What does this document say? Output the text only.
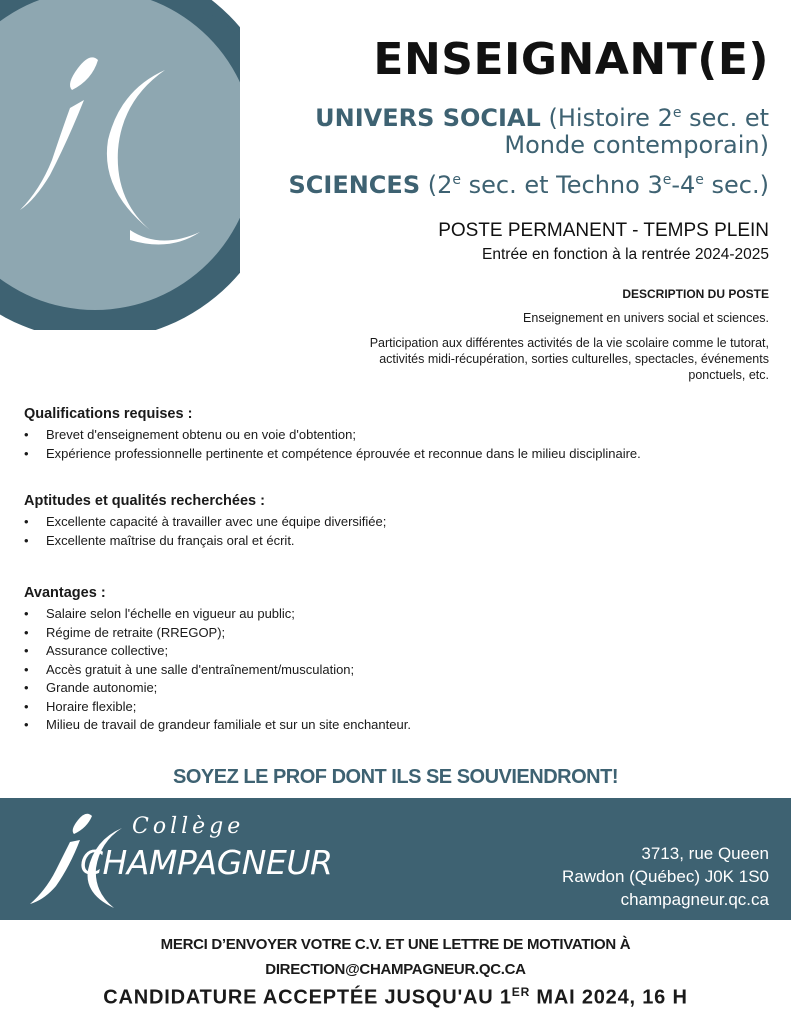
ENSEIGNANT(E)
UNIVERS SOCIAL (Histoire 2e sec. et
Monde contemporain)
SCIENCES (2e sec. et Techno 3e-4e sec.)
POSTE PERMANENT - TEMPS PLEIN
Entrée en fonction à la rentrée 2024-2025
DESCRIPTION DU POSTE
Enseignement en univers social et sciences.
Participation aux différentes activités de la vie scolaire comme le tutorat, activités midi-récupération, sorties culturelles, spectacles, événements ponctuels, etc.
Qualifications requises :
• Brevet d'enseignement obtenu ou en voie d'obtention;
• Expérience professionnelle pertinente et compétence éprouvée et reconnue dans le milieu disciplinaire.
Aptitudes et qualités recherchées :
• Excellente capacité à travailler avec une équipe diversifiée;
• Excellente maîtrise du français oral et écrit.
Avantages :
• Salaire selon l'échelle en vigueur au public;
• Régime de retraite (RREGOP);
• Assurance collective;
• Accès gratuit à une salle d'entraînement/musculation;
• Grande autonomie;
• Horaire flexible;
• Milieu de travail de grandeur familiale et sur un site enchanteur.
SOYEZ LE PROF DONT ILS SE SOUVIENDRONT!
Collège
CHAMPAGNEUR	3713, rue Queen
Rawdon (Québec) J0K 1S0
champagneur.qc.ca
MERCI D’ENVOYER VOTRE C.V. ET UNE LETTRE DE MOTIVATION À
DIRECTION@CHAMPAGNEUR.QC.CA
CANDIDATURE ACCEPTÉE JUSQU'AU 1ER MAI 2024, 16 H
